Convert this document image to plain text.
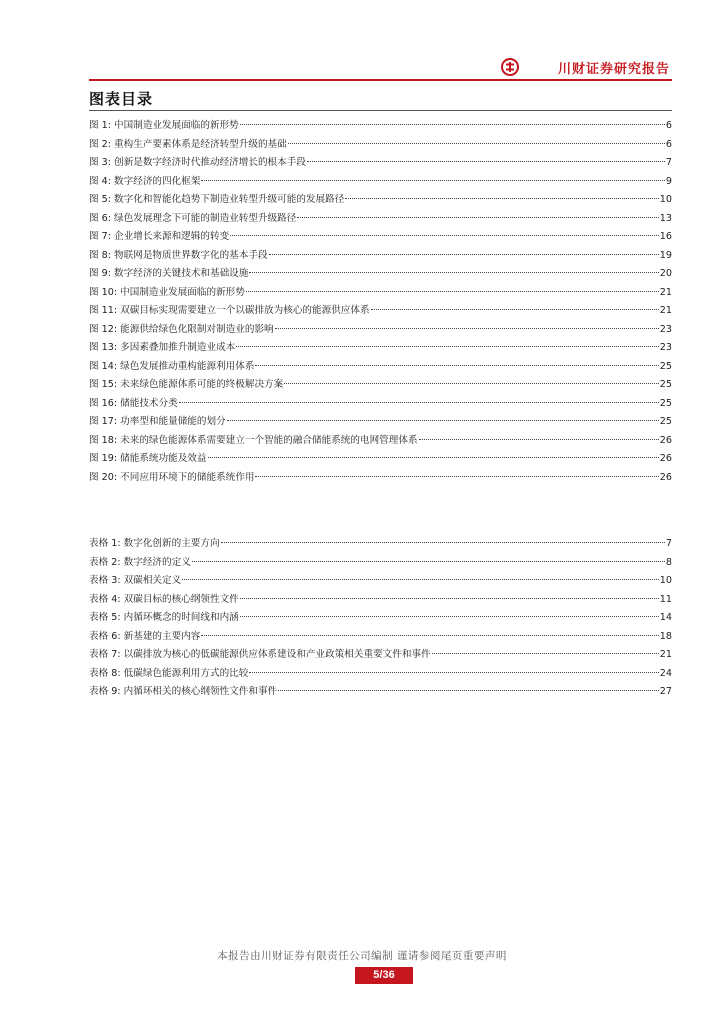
川财证券研究报告
图表目录
图 1: 中国制造业发展面临的新形势	6
图 2: 重构生产要素体系是经济转型升级的基础	6
图 3: 创新是数字经济时代推动经济增长的根本手段	7
图 4: 数字经济的四化框架	9
图 5: 数字化和智能化趋势下制造业转型升级可能的发展路径	10
图 6: 绿色发展理念下可能的制造业转型升级路径	13
图 7: 企业增长来源和逻辑的转变	16
图 8: 物联网是物质世界数字化的基本手段	19
图 9: 数字经济的关键技术和基础设施	20
图 10: 中国制造业发展面临的新形势	21
图 11: 双碳目标实现需要建立一个以碳排放为核心的能源供应体系	21
图 12: 能源供给绿色化限制对制造业的影响	23
图 13: 多因素叠加推升制造业成本	23
图 14: 绿色发展推动重构能源利用体系	25
图 15: 未来绿色能源体系可能的终极解决方案	25
图 16: 储能技术分类	25
图 17: 功率型和能量储能的划分	25
图 18: 未来的绿色能源体系需要建立一个智能的融合储能系统的电网管理体系	26
图 19: 储能系统功能及效益	26
图 20: 不同应用环境下的储能系统作用	26
表格 1: 数字化创新的主要方向	7
表格 2: 数字经济的定义	8
表格 3: 双碳相关定义	10
表格 4: 双碳目标的核心纲领性文件	11
表格 5: 内循环概念的时间线和内涵	14
表格 6: 新基建的主要内容	18
表格 7: 以碳排放为核心的低碳能源供应体系建设和产业政策相关重要文件和事件	21
表格 8: 低碳绿色能源利用方式的比较	24
表格 9: 内循环相关的核心纲领性文件和事件	27
本报告由川财证券有限责任公司编制 谨请参阅尾页重要声明
5/36
